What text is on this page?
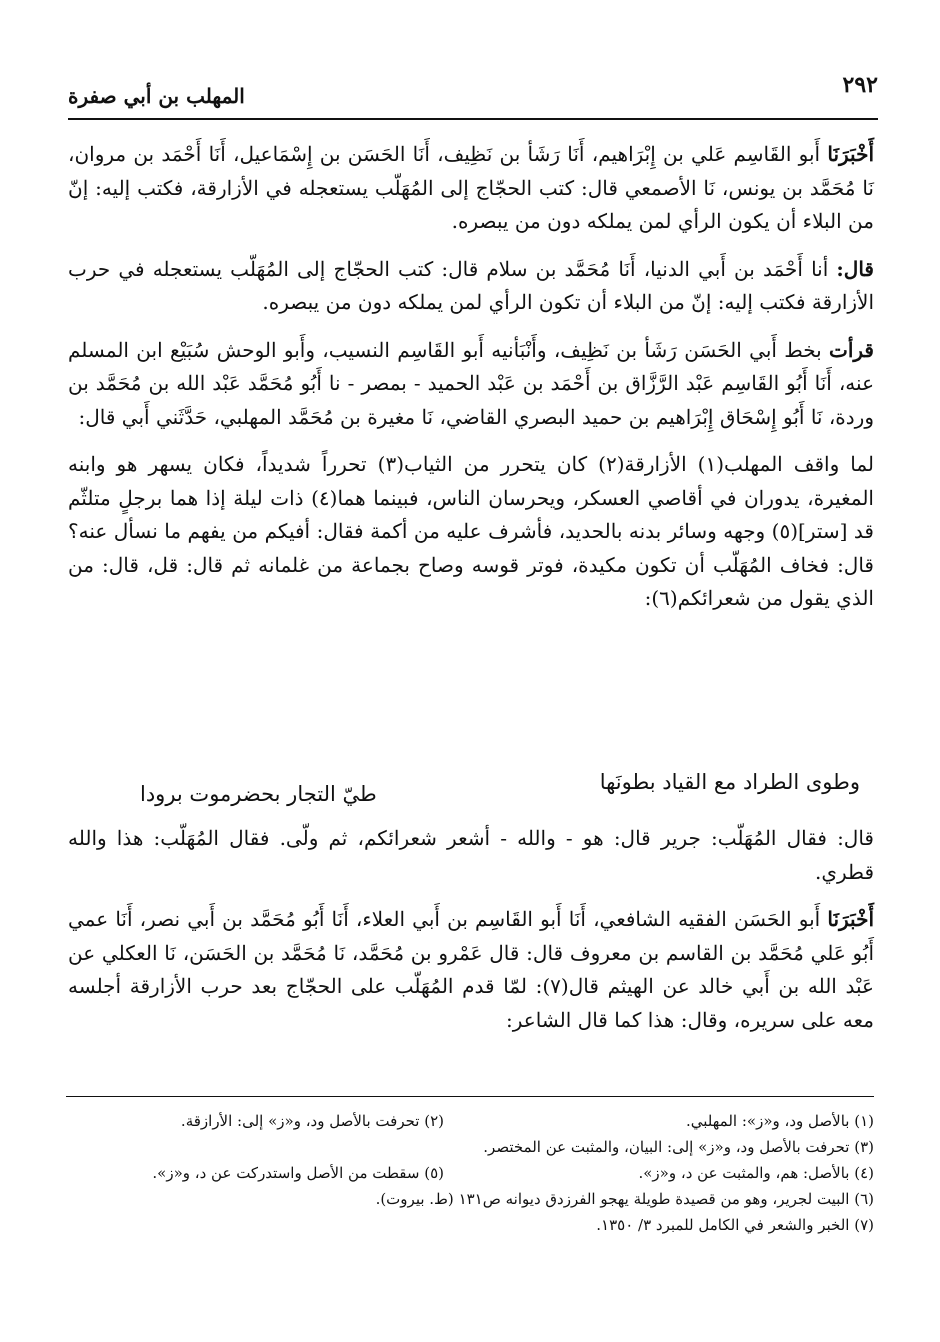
٢٩٢
المهلب بن أبي صفرة

أَخْبَرَنَا أَبو القَاسِم عَلي بن إِبْرَاهيم، أَنَا رَشَأ بن نَظِيف، أَنَا الحَسَن بن إِسْمَاعيل، أَنَا أَحْمَد بن مروان، نَا مُحَمَّد بن يونس، نَا الأصمعي قال: كتب الحجّاج إلى المُهَلّب يستعجله في الأزارقة، فكتب إليه: إنّ من البلاء أن يكون الرأي لمن يملكه دون من يبصره.

قال: أنا أَحْمَد بن أَبي الدنيا، أَنَا مُحَمَّد بن سلام قال: كتب الحجّاج إلى المُهَلّب يستعجله في حرب الأزارقة فكتب إليه: إنّ من البلاء أن تكون الرأي لمن يملكه دون من يبصره.

قرأت بخط أَبي الحَسَن رَشَأ بن نَظِيف، وأَنْبَأنيه أَبو القَاسِم النسيب، وأَبو الوحش سُبَيْع ابن المسلم عنه، أَنَا أَبُو القَاسِم عَبْد الرَّزَّاق بن أَحْمَد بن عَبْد الحميد - بمصر - نا أَبُو مُحَمَّد عَبْد الله بن مُحَمَّد بن وردة، نَا أَبُو إِسْحَاق إِبْرَاهيم بن حميد البصري القاضي، نَا مغيرة بن مُحَمَّد المهلبي، حَدَّثَني أَبي قال:

لما واقف المهلب(١) الأزارقة(٢) كان يتحرر من الثياب(٣) تحرراً شديداً، فكان يسهر هو وابنه المغيرة، يدوران في أقاصي العسكر، ويحرسان الناس، فبينما هما(٤) ذات ليلة إذا هما برجلٍ متلثّم قد [ستر](٥) وجهه وسائر بدنه بالحديد، فأشرف عليه من أكمة فقال: أفيكم من يفهم ما نسأل عنه؟ قال: فخاف المُهَلّب أن تكون مكيدة، فوتر قوسه وصاح بجماعة من غلمانه ثم قال: قل، قال: من الذي يقول من شعرائكم(٦):

وطوى الطراد مع القياد بطونَها
طيّ التجار بحضرموت برودا

قال: فقال المُهَلّب: جرير قال: هو - والله - أشعر شعرائكم، ثم ولّى. فقال المُهَلّب: هذا والله قطري.

أَخْبَرَنَا أَبو الحَسَن الفقيه الشافعي، أَنَا أَبو القَاسِم بن أَبي العلاء، أَنَا أَبُو مُحَمَّد بن أَبي نصر، أَنَا عمي أَبُو عَلي مُحَمَّد بن القاسم بن معروف قال: قال عَمْرو بن مُحَمَّد، نَا مُحَمَّد بن الحَسَن، نَا العكلي عن عَبْد الله بن أَبي خالد عن الهيثم قال(٧): لمّا قدم المُهَلّب على الحجّاج بعد حرب الأزارقة أجلسه معه على سريره، وقال: هذا كما قال الشاعر:

(١) بالأصل ود، و«ز»: المهلبي.
(٢) تحرفت بالأصل ود، و«ز» إلى: الأرازقة.
(٣) تحرفت بالأصل ود، و«ز» إلى: البيان، والمثبت عن المختصر.
(٤) بالأصل: هم، والمثبت عن د، و«ز».
(٥) سقطت من الأصل واستدركت عن د، و«ز».
(٦) البيت لجرير، وهو من قصيدة طويلة يهجو الفرزدق ديوانه ص١٣١ (ط. بيروت).
(٧) الخبر والشعر في الكامل للمبرد ٣/ ١٣٥٠.
